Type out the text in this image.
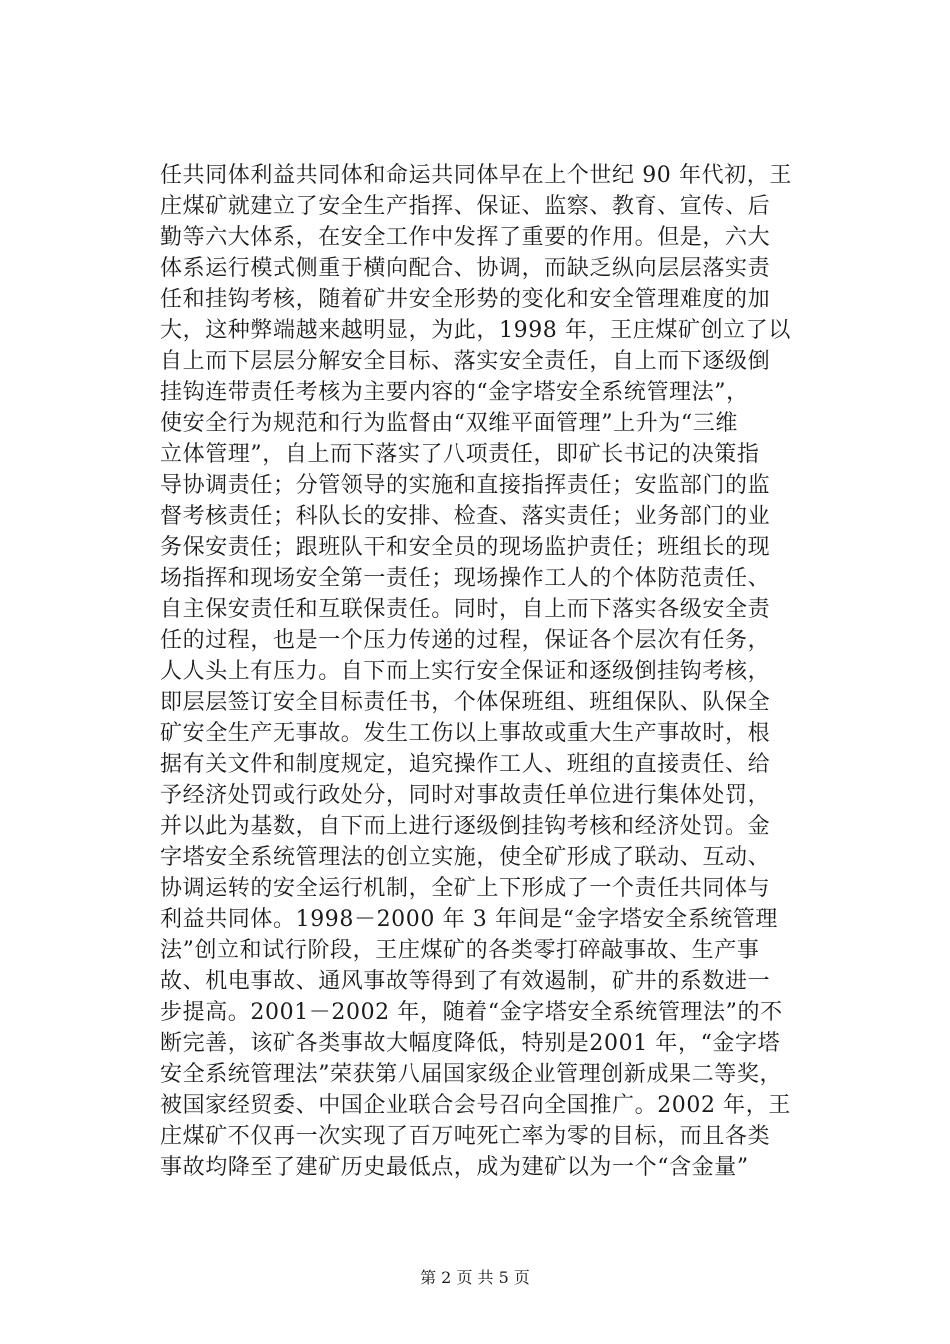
任共同体利益共同体和命运共同体早在上个世纪 90 年代初，王
庄煤矿就建立了安全生产指挥、保证、监察、教育、宣传、后
勤等六大体系，在安全工作中发挥了重要的作用。但是，六大
体系运行模式侧重于横向配合、协调，而缺乏纵向层层落实责
任和挂钩考核，随着矿井安全形势的变化和安全管理难度的加
大，这种弊端越来越明显，为此，1998 年，王庄煤矿创立了以
自上而下层层分解安全目标、落实安全责任，自上而下逐级倒
挂钩连带责任考核为主要内容的“金字塔安全系统管理法”，
使安全行为规范和行为监督由“双维平面管理”上升为“三维
立体管理”，自上而下落实了八项责任，即矿长书记的决策指
导协调责任；分管领导的实施和直接指挥责任；安监部门的监
督考核责任；科队长的安排、检查、落实责任；业务部门的业
务保安责任；跟班队干和安全员的现场监护责任；班组长的现
场指挥和现场安全第一责任；现场操作工人的个体防范责任、
自主保安责任和互联保责任。同时，自上而下落实各级安全责
任的过程，也是一个压力传递的过程，保证各个层次有任务，
人人头上有压力。自下而上实行安全保证和逐级倒挂钩考核，
即层层签订安全目标责任书，个体保班组、班组保队、队保全
矿安全生产无事故。发生工伤以上事故或重大生产事故时，根
据有关文件和制度规定，追究操作工人、班组的直接责任、给
予经济处罚或行政处分，同时对事故责任单位进行集体处罚，
并以此为基数，自下而上进行逐级倒挂钩考核和经济处罚。金
字塔安全系统管理法的创立实施，使全矿形成了联动、互动、
协调运转的安全运行机制，全矿上下形成了一个责任共同体与
利益共同体。1998－2000 年 3 年间是“金字塔安全系统管理
法”创立和试行阶段，王庄煤矿的各类零打碎敲事故、生产事
故、机电事故、通风事故等得到了有效遏制，矿井的系数进一
步提高。2001－2002 年，随着“金字塔安全系统管理法”的不
断完善，该矿各类事故大幅度降低，特别是2001 年，“金字塔
安全系统管理法”荣获第八届国家级企业管理创新成果二等奖，
被国家经贸委、中国企业联合会号召向全国推广。2002 年，王
庄煤矿不仅再一次实现了百万吨死亡率为零的目标，而且各类
事故均降至了建矿历史最低点，成为建矿以为一个“含金量”
第 2 页 共 5 页
